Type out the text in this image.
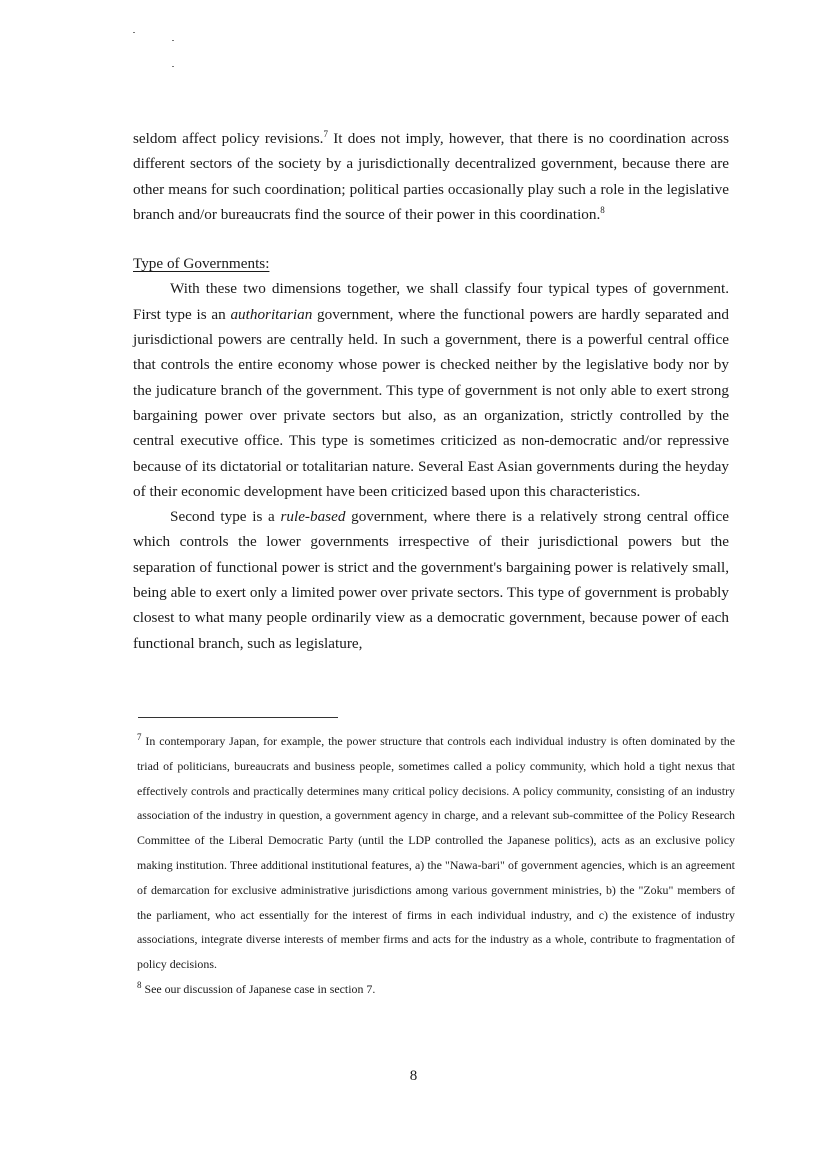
seldom affect policy revisions.$^7$ It does not imply, however, that there is no coordination across different sectors of the society by a jurisdictionally decentralized government, because there are other means for such coordination; political parties occasionally play such a role in the legislative branch and/or bureaucrats find the source of their power in this coordination.$^8$

Type of Governments:

With these two dimensions together, we shall classify four typical types of government. First type is an authoritarian government, where the functional powers are hardly separated and jurisdictional powers are centrally held. In such a government, there is a powerful central office that controls the entire economy whose power is checked neither by the legislative body nor by the judicature branch of the government. This type of government is not only able to exert strong bargaining power over private sectors but also, as an organization, strictly controlled by the central executive office. This type is sometimes criticized as non-democratic and/or repressive because of its dictatorial or totalitarian nature. Several East Asian governments during the heyday of their economic development have been criticized based upon this characteristics.

Second type is a rule-based government, where there is a relatively strong central office which controls the lower governments irrespective of their jurisdictional powers but the separation of functional power is strict and the government's bargaining power is relatively small, being able to exert only a limited power over private sectors. This type of government is probably closest to what many people ordinarily view as a democratic government, because power of each functional branch, such as legislature,

$^7$ In contemporary Japan, for example, the power structure that controls each individual industry is often dominated by the triad of politicians, bureaucrats and business people, sometimes called a policy community, which hold a tight nexus that effectively controls and practically determines many critical policy decisions. A policy community, consisting of an industry association of the industry in question, a government agency in charge, and a relevant sub-committee of the Policy Research Committee of the Liberal Democratic Party (until the LDP controlled the Japanese politics), acts as an exclusive policy making institution. Three additional institutional features, a) the "Nawa-bari" of government agencies, which is an agreement of demarcation for exclusive administrative jurisdictions among various government ministries, b) the "Zoku" members of the parliament, who act essentially for the interest of firms in each individual industry, and c) the existence of industry associations, integrate diverse interests of member firms and acts for the industry as a whole, contribute to fragmentation of policy decisions.

$^8$ See our discussion of Japanese case in section 7.

8
